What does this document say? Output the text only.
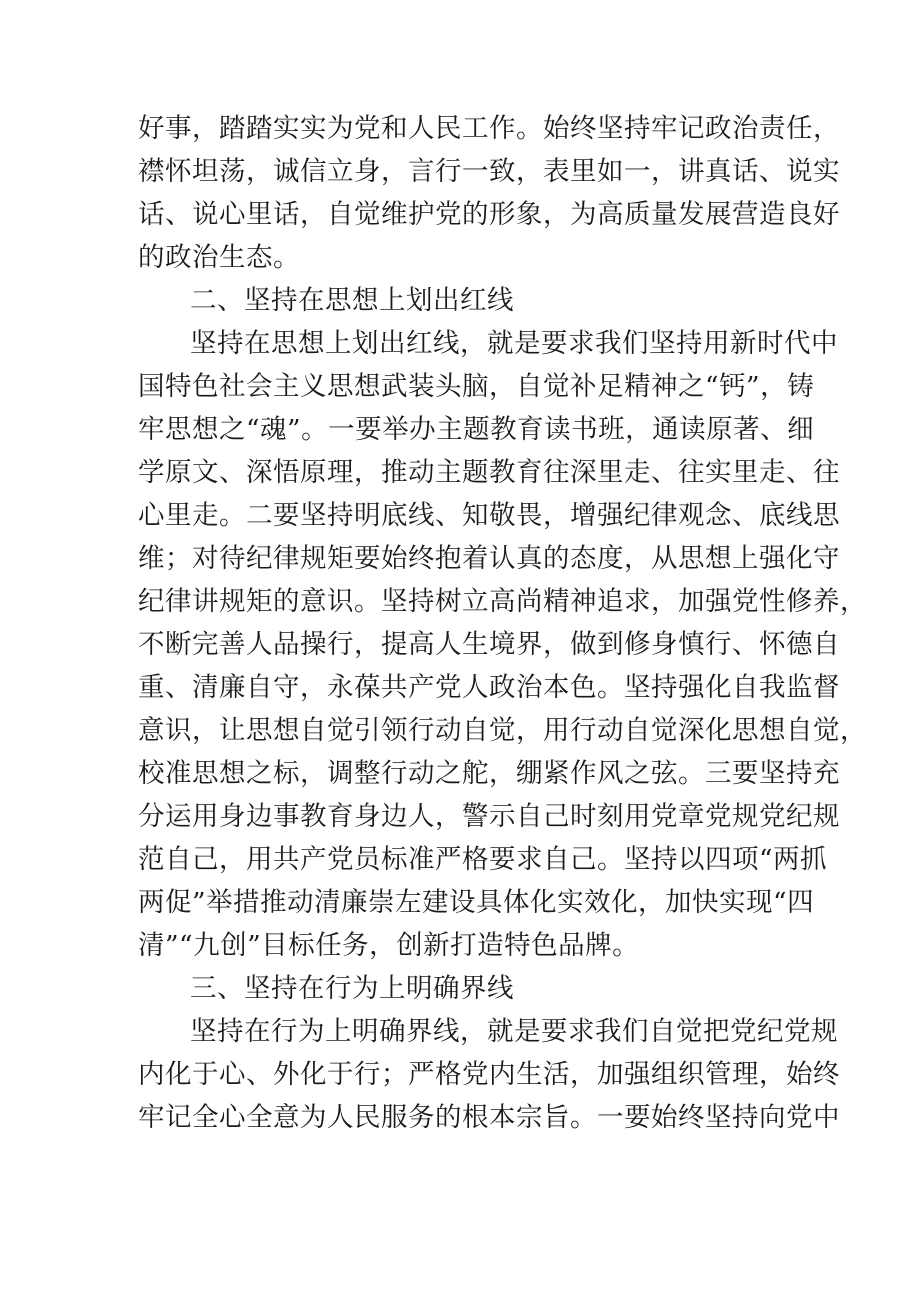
好事，踏踏实实为党和人民工作。始终坚持牢记政治责任，
襟怀坦荡，诚信立身，言行一致，表里如一，讲真话、说实
话、说心里话，自觉维护党的形象，为高质量发展营造良好
的政治生态。
二、坚持在思想上划出红线
坚持在思想上划出红线，就是要求我们坚持用新时代中
国特色社会主义思想武装头脑，自觉补足精神之“钙”，铸
牢思想之“魂”。一要举办主题教育读书班，通读原著、细
学原文、深悟原理，推动主题教育往深里走、往实里走、往
心里走。二要坚持明底线、知敬畏，增强纪律观念、底线思
维；对待纪律规矩要始终抱着认真的态度，从思想上强化守
纪律讲规矩的意识。坚持树立高尚精神追求，加强党性修养，
不断完善人品操行，提高人生境界，做到修身慎行、怀德自
重、清廉自守，永葆共产党人政治本色。坚持强化自我监督
意识，让思想自觉引领行动自觉，用行动自觉深化思想自觉，
校准思想之标，调整行动之舵，绷紧作风之弦。三要坚持充
分运用身边事教育身边人，警示自己时刻用党章党规党纪规
范自己，用共产党员标准严格要求自己。坚持以四项“两抓
两促”举措推动清廉崇左建设具体化实效化，加快实现“四
清”“九创”目标任务，创新打造特色品牌。
三、坚持在行为上明确界线
坚持在行为上明确界线，就是要求我们自觉把党纪党规
内化于心、外化于行；严格党内生活，加强组织管理，始终
牢记全心全意为人民服务的根本宗旨。一要始终坚持向党中
